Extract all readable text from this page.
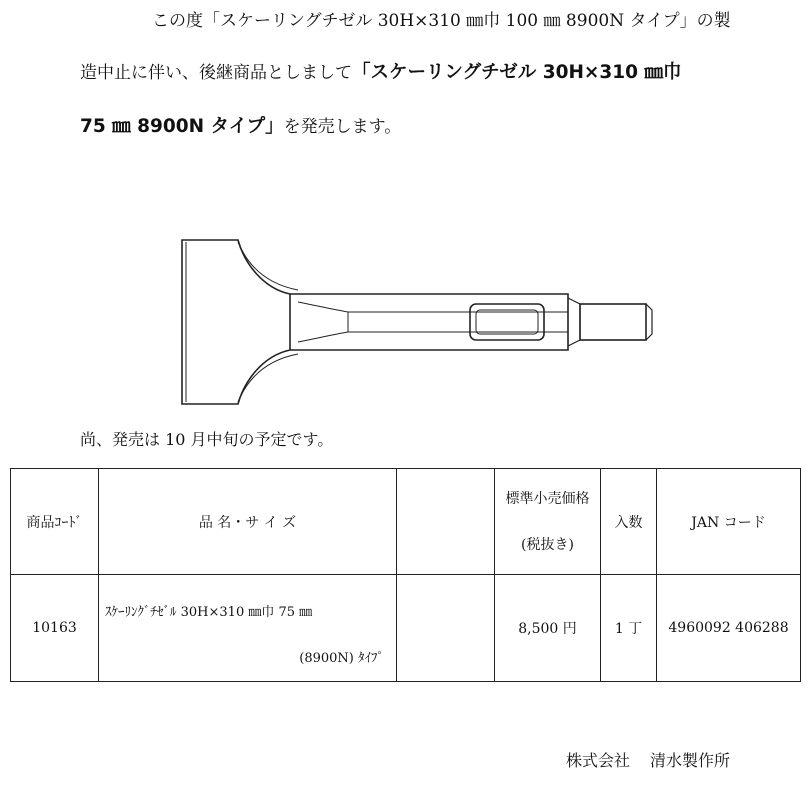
この度「スケーリングチゼル 30H×310 ㎜巾 100 ㎜ 8900N タイプ」の製
造中止に伴い、後継商品としまして「スケーリングチゼル 30H×310 ㎜巾
75 ㎜ 8900N タイプ」を発売します。
尚、発売は 10 月中旬の予定です。
商品ｺｰﾄﾞ	品 名・サ イ ズ		標準小売価格
(税抜き)	入数	JAN コード
10163	ｽｹｰﾘﾝｸﾞﾁｾﾞﾙ 30H×310 ㎜巾 75 ㎜
(8900N) ﾀｲﾌﾟ		8,500 円	1 丁	4960092 406288
株式会社 清水製作所
